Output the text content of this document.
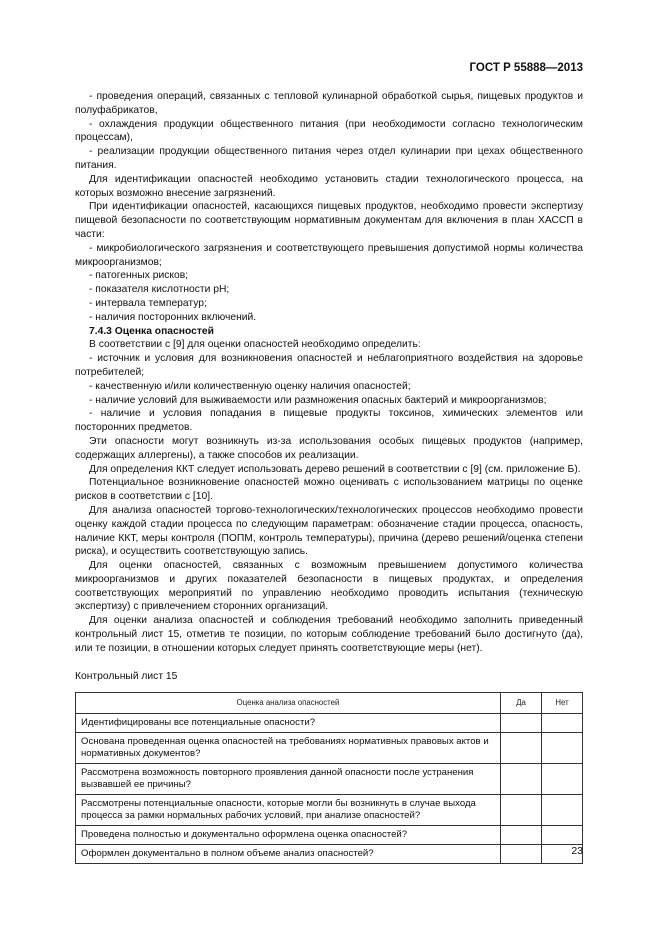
ГОСТ Р 55888—2013

- проведения операций, связанных с тепловой кулинарной обработкой сырья, пищевых продуктов и полуфабрикатов,

- охлаждения продукции общественного питания (при необходимости согласно технологическим процессам),

- реализации продукции общественного питания через отдел кулинарии при цехах общественного питания.

Для идентификации опасностей необходимо установить стадии технологического процесса, на которых возможно внесение загрязнений.

При идентификации опасностей, касающихся пищевых продуктов, необходимо провести экспертизу пищевой безопасности по соответствующим нормативным документам для включения в план ХАССП в части:

- микробиологического загрязнения и соответствующего превышения допустимой нормы количества микроорганизмов;

- патогенных рисков;

- показателя кислотности pH;

- интервала температур;

- наличия посторонних включений.

7.4.3 Оценка опасностей

В соответствии с [9] для оценки опасностей необходимо определить:

- источник и условия для возникновения опасностей и неблагоприятного воздействия на здоровье потребителей;

- качественную и/или количественную оценку наличия опасностей;

- наличие условий для выживаемости или размножения опасных бактерий и микроорганизмов;

- наличие и условия попадания в пищевые продукты токсинов, химических элементов или посторонних предметов.

Эти опасности могут возникнуть из-за использования особых пищевых продуктов (например, содержащих аллергены), а также способов их реализации.

Для определения ККТ следует использовать дерево решений в соответствии с [9] (см. приложение Б).

Потенциальное возникновение опасностей можно оценивать с использованием матрицы по оценке рисков в соответствии с [10].

Для анализа опасностей торгово-технологических/технологических процессов необходимо провести оценку каждой стадии процесса по следующим параметрам: обозначение стадии процесса, опасность, наличие ККТ, меры контроля (ПОПМ, контроль температуры), причина (дерево решений/оценка степени риска), и осуществить соответствующую запись.

Для оценки опасностей, связанных с возможным превышением допустимого количества микроорганизмов и других показателей безопасности в пищевых продуктах, и определения соответствующих мероприятий по управлению необходимо проводить испытания (техническую экспертизу) с привлечением сторонних организаций.

Для оценки анализа опасностей и соблюдения требований необходимо заполнить приведенный контрольный лист 15, отметив те позиции, по которым соблюдение требований было достигнуто (да), или те позиции, в отношении которых следует принять соответствующие меры (нет).

Контрольный лист 15

Оценка анализа опасностей	Да	Нет
Идентифицированы все потенциальные опасности?		
Основана проведенная оценка опасностей на требованиях нормативных правовых актов и нормативных документов?		
Рассмотрена возможность повторного проявления данной опасности после устранения вызвавшей ее причины?		
Рассмотрены потенциальные опасности, которые могли бы возникнуть в случае выхода процесса за рамки нормальных рабочих условий, при анализе опасностей?		
Проведена полностью и документально оформлена оценка опасностей?		
Оформлен документально в полном объеме анализ опасностей?			23
